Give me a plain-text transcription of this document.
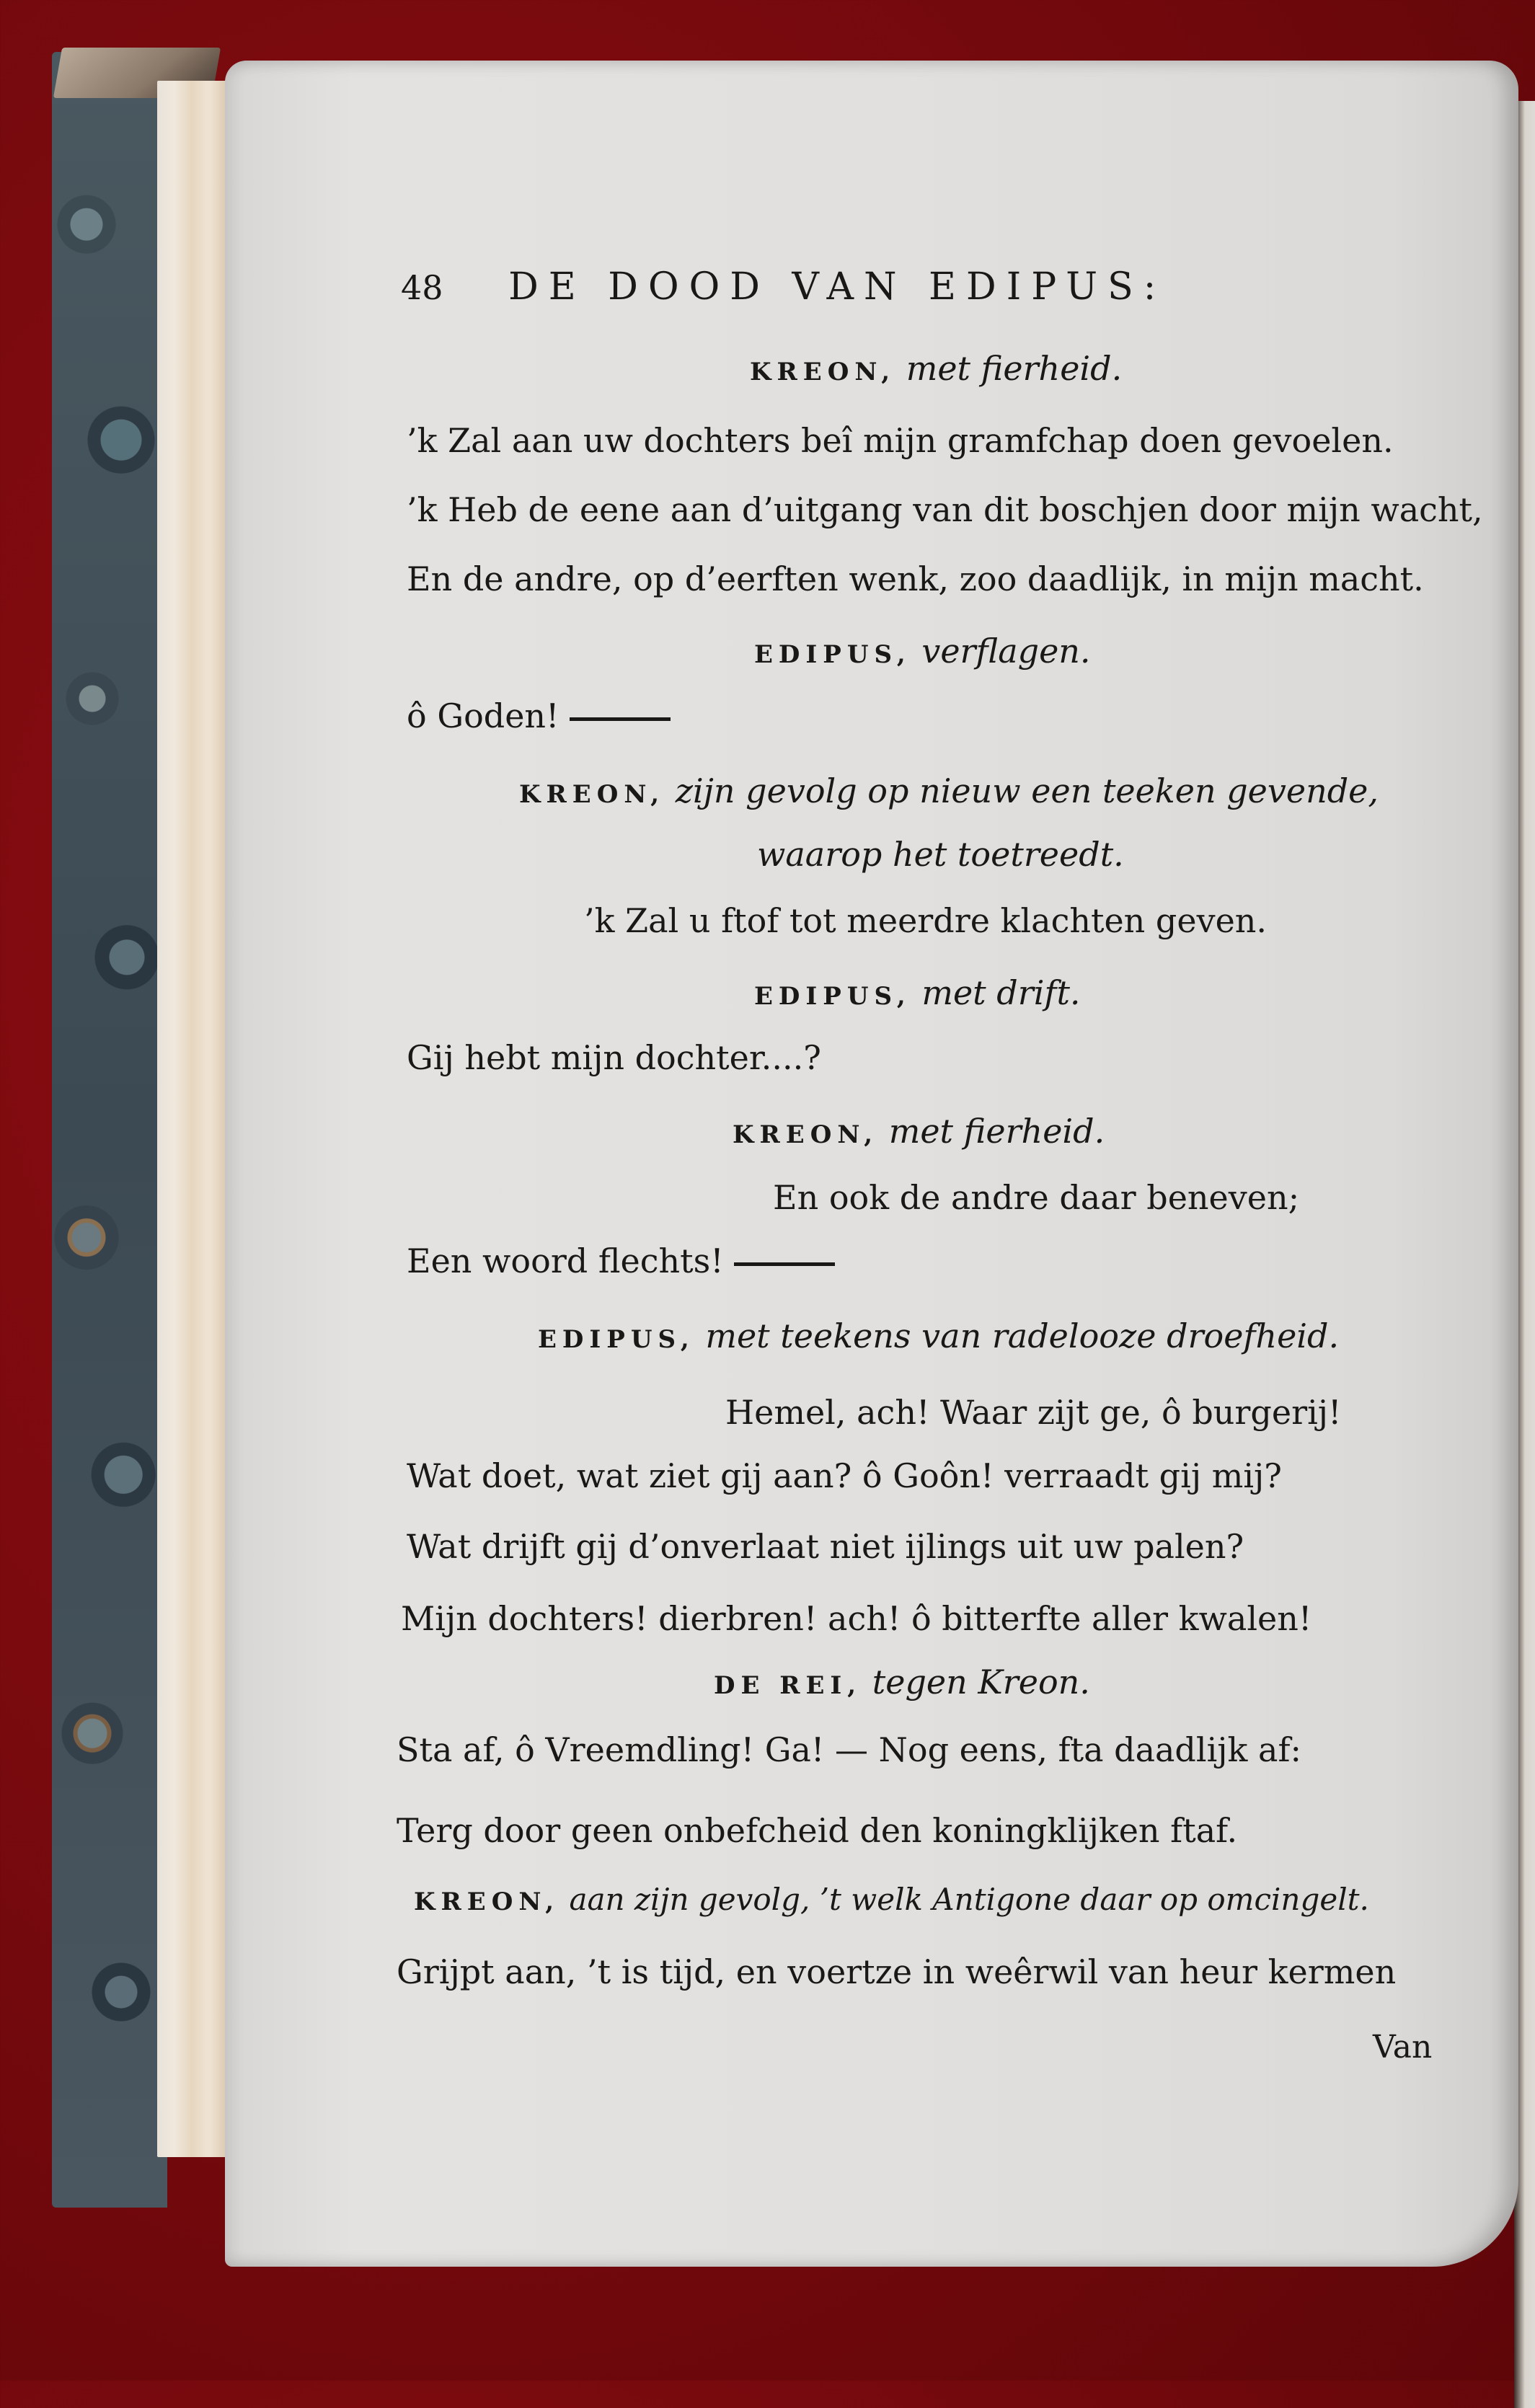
48 DE DOOD VAN EDIPUS:
KREON, met fierheid.
’k Zal aan uw dochters beî mijn gramfchap doen gevoelen.
’k Heb de eene aan d’uitgang van dit boschjen door mijn wacht,
En de andre, op d’eerften wenk, zoo daadlijk, in mijn macht.
EDIPUS, verflagen.
ô Goden!
KREON, zijn gevolg op nieuw een teeken gevende,
waarop het toetreedt.
’k Zal u ftof tot meerdre klachten geven.
EDIPUS, met drift.
Gij hebt mijn dochter....?
KREON, met fierheid.
En ook de andre daar beneven;
Een woord flechts!
EDIPUS, met teekens van radelooze droefheid.
Hemel, ach! Waar zijt ge, ô burgerij!
Wat doet, wat ziet gij aan? ô Goôn! verraadt gij mij?
Wat drijft gij d’onverlaat niet ijlings uit uw palen?
Mijn dochters! dierbren! ach! ô bitterfte aller kwalen!
DE REI, tegen Kreon.
Sta af, ô Vreemdling! Ga! — Nog eens, fta daadlijk af:
Terg door geen onbefcheid den koningklijken ftaf.
KREON, aan zijn gevolg, ’t welk Antigone daar op omcingelt.
Grijpt aan, ’t is tijd, en voertze in weêrwil van heur kermen
Van
